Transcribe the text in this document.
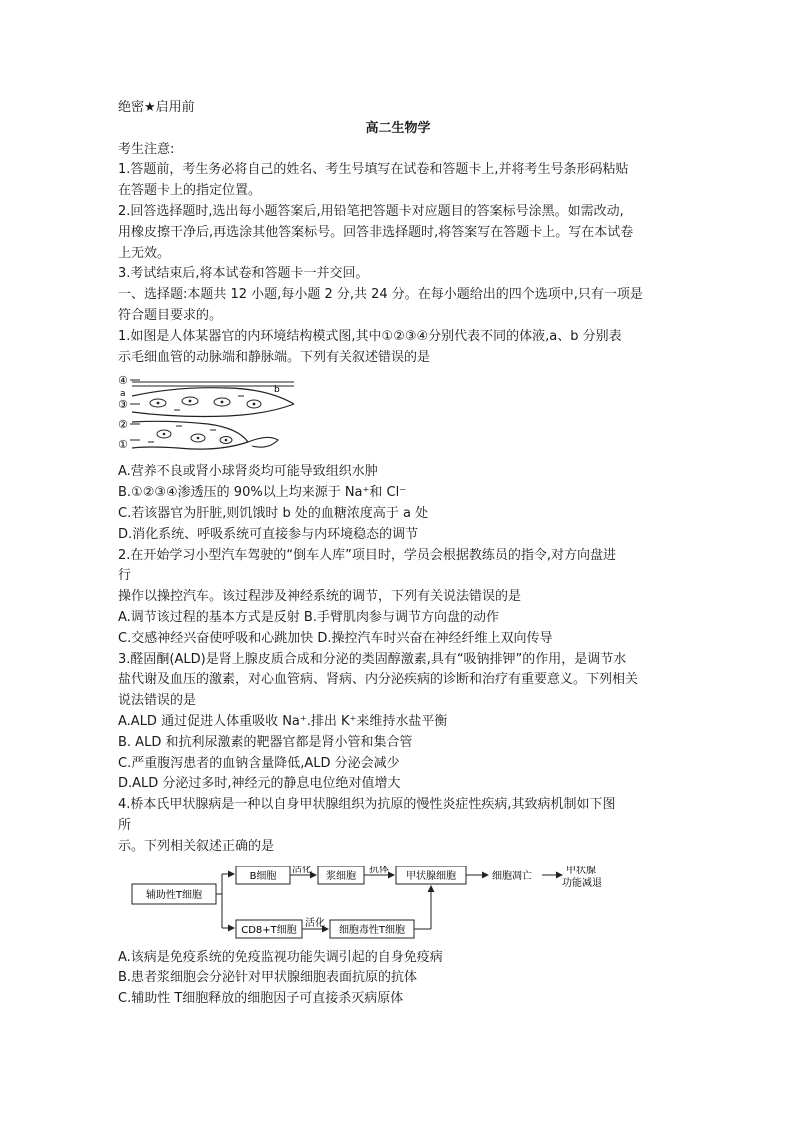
绝密★启用前
高二生物学
考生注意:
1.答题前，考生务必将自己的姓名、考生号填写在试卷和答题卡上,并将考生号条形码粘贴
在答题卡上的指定位置。
2.回答选择题时,选出每小题答案后,用铅笔把答题卡对应题目的答案标号涂黑。如需改动,
用橡皮擦干净后,再选涂其他答案标号。回答非选择题时,将答案写在答题卡上。写在本试卷
上无效。
3.考试结束后,将本试卷和答题卡一并交回。
一、选择题:本题共 12 小题,每小题 2 分,共 24 分。在每小题给出的四个选项中,只有一项是
符合题目要求的。
1.如图是人体某器官的内环境结构模式图,其中①②③④分别代表不同的体液,a、b 分别表
示毛细血管的动脉端和静脉端。下列有关叙述错误的是
④
a
③
②
①
b
A.营养不良或肾小球肾炎均可能导致组织水肿
B.①②③④渗透压的 90%以上均来源于 Na⁺和 Cl⁻
C.若该器官为肝脏,则饥饿时 b 处的血糖浓度高于 a 处
D.消化系统、呼吸系统可直接参与内环境稳态的调节
2.在开始学习小型汽车驾驶的“倒车人库”项目时，学员会根据教练员的指令,对方向盘进
行
操作以操控汽车。该过程涉及神经系统的调节，下列有关说法错误的是
A.调节该过程的基本方式是反射 B.手臂肌肉参与调节方向盘的动作
C.交感神经兴奋使呼吸和心跳加快 D.操控汽车时兴奋在神经纤维上双向传导
3.醛固酮(ALD)是肾上腺皮质合成和分泌的类固醇激素,具有“吸钠排钾”的作用，是调节水
盐代谢及血压的激素，对心血管病、肾病、内分泌疾病的诊断和治疗有重要意义。下列相关
说法错误的是
A.ALD 通过促进人体重吸收 Na⁺.排出 K⁺来维持水盐平衡
B. ALD 和抗利尿激素的靶器官都是肾小管和集合管
C.严重腹泻患者的血钠含量降低,ALD 分泌会减少
D.ALD 分泌过多时,神经元的静息电位绝对值增大
4.桥本氏甲状腺病是一种以自身甲状腺组织为抗原的慢性炎症性疾病,其致病机制如下图
所
示。下列相关叙述正确的是
辅助性T细胞
B细胞
活化
浆细胞
抗体
甲状腺细胞	细胞凋亡
甲状腺
功能减退
CD8+T细胞
活化
细胞毒性T细胞
A.该病是免疫系统的免疫监视功能失调引起的自身免疫病
B.患者浆细胞会分泌针对甲状腺细胞表面抗原的抗体
C.辅助性 T细胞释放的细胞因子可直接杀灭病原体
